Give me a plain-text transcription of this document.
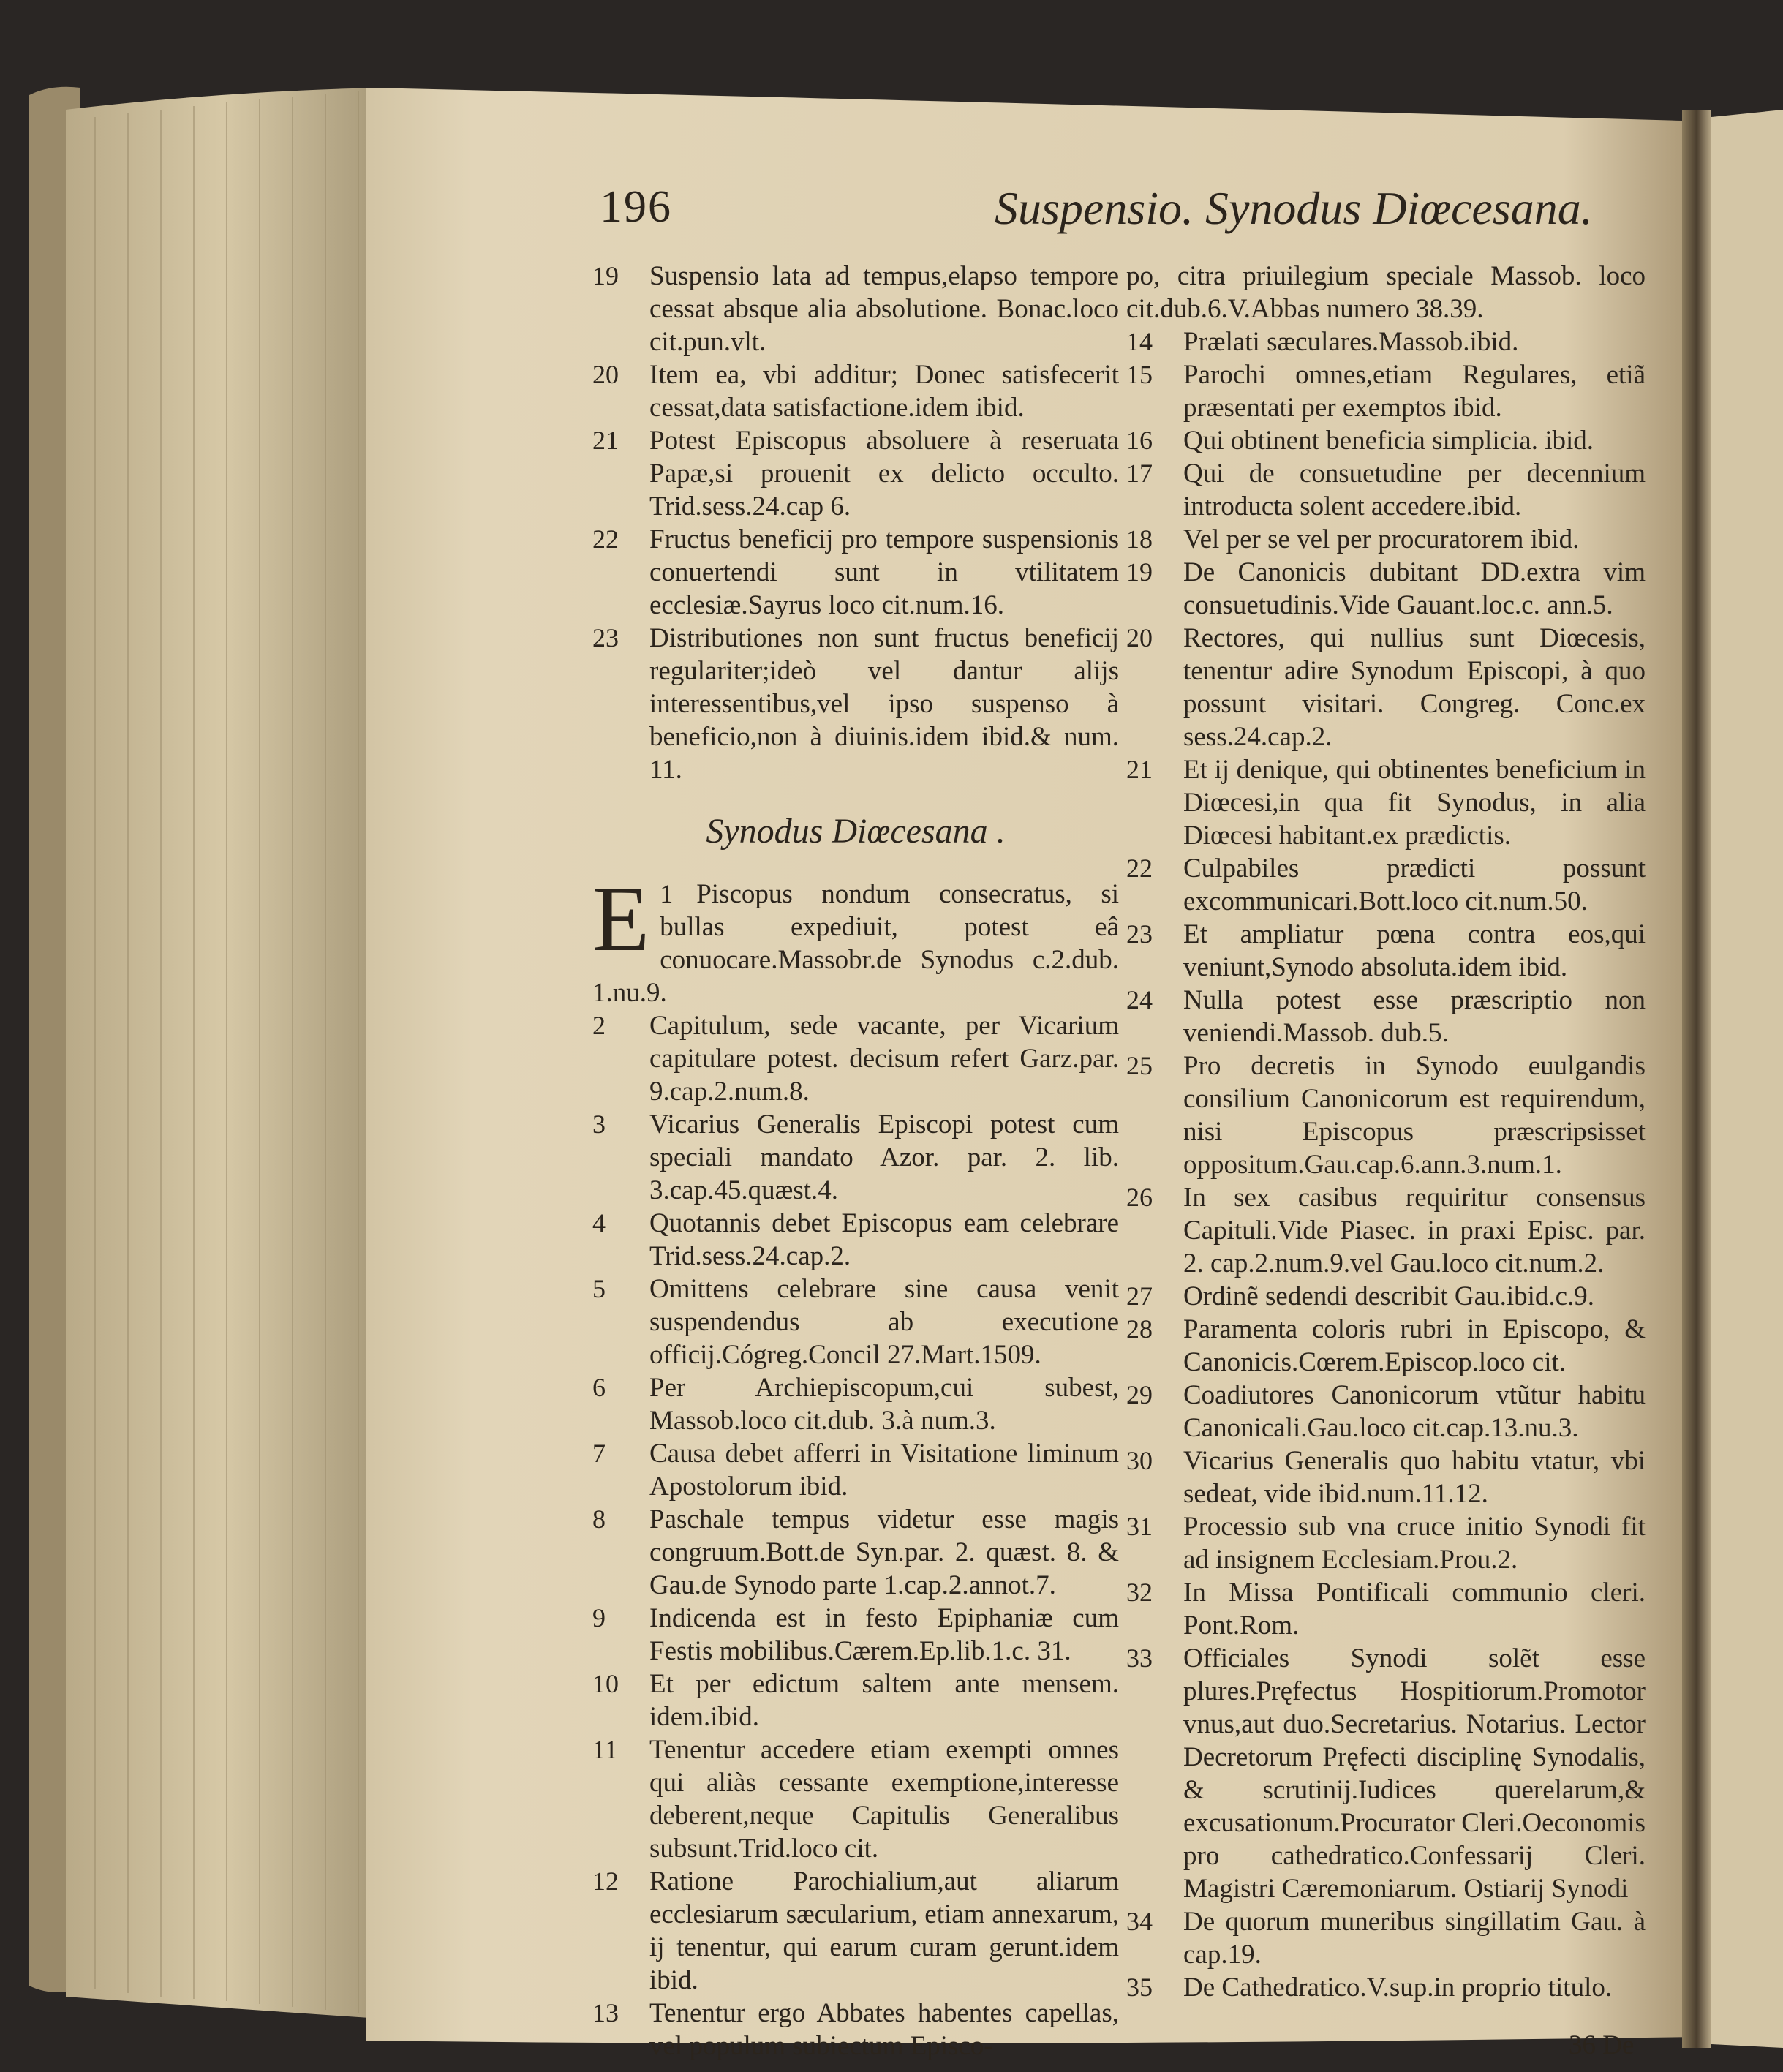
196	Suspensio. Synodus Diœcesana.

19 Suspensio lata ad tempus,elapso tempore cessat absque alia absolutione. Bonac.loco cit.pun.vlt.

20 Item ea, vbi additur; Donec satisfecerit cessat,data satisfactione.idem ibid.

21 Potest Episcopus absoluere à reseruata Papæ,si prouenit ex delicto occulto. Trid.sess.24.cap 6.

22 Fructus beneficij pro tempore suspensionis conuertendi sunt in vtilitatem ecclesiæ.Sayrus loco cit.num.16.

23 Distributiones non sunt fructus beneficij regulariter;ideò vel dantur alijs interessentibus,vel ipso suspenso à beneficio,non à diuinis.idem ibid.& num. 11.

Synodus Diœcesana .

1
E Piscopus nondum consecratus, si bullas expediuit, potest eâ conuocare.Massobr.de Synodus c.2.dub. 1.nu.9.

2 Capitulum, sede vacante, per Vicarium capitulare potest. decisum refert Garz.par. 9.cap.2.num.8.

3 Vicarius Generalis Episcopi potest cum speciali mandato Azor. par. 2. lib. 3.cap.45.quæst.4.

4 Quotannis debet Episcopus eam celebrare Trid.sess.24.cap.2.

5 Omittens celebrare sine causa venit suspendendus ab executione officij.Cógreg.Concil 27.Mart.1509.

6 Per Archiepiscopum,cui subest, Massob.loco cit.dub. 3.à num.3.

7 Causa debet afferri in Visitatione liminum Apostolorum ibid.

8 Paschale tempus videtur esse magis congruum.Bott.de Syn.par. 2. quæst. 8. & Gau.de Synodo parte 1.cap.2.annot.7.

9 Indicenda est in festo Epiphaniæ cum Festis mobilibus.Cærem.Ep.lib.1.c. 31.

10 Et per edictum saltem ante mensem. idem.ibid.

11 Tenentur accedere etiam exempti omnes qui aliàs cessante exemptione,interesse deberent,neque Capitulis Generalibus subsunt.Trid.loco cit.

12 Ratione Parochialium,aut aliarum ecclesiarum sæcularium, etiam annexarum, ij tenentur, qui earum curam gerunt.idem ibid.

13 Tenentur ergo Abbates habentes capellas, vel populum subiectum Episco-

po, citra priuilegium speciale Massob. loco cit.dub.6.V.Abbas numero 38.39.

14 Prælati sæculares.Massob.ibid.

15 Parochi omnes,etiam Regulares, etiã præsentati per exemptos ibid.

16 Qui obtinent beneficia simplicia. ibid.

17 Qui de consuetudine per decennium introducta solent accedere.ibid.

18 Vel per se vel per procuratorem ibid.

19 De Canonicis dubitant DD.extra vim consuetudinis.Vide Gauant.loc.c. ann.5.

20 Rectores, qui nullius sunt Diœcesis, tenentur adire Synodum Episcopi, à quo possunt visitari. Congreg. Conc.ex sess.24.cap.2.

21 Et ij denique, qui obtinentes beneficium in Diœcesi,in qua fit Synodus, in alia Diœcesi habitant.ex prædictis.

22 Culpabiles prædicti possunt excommunicari.Bott.loco cit.num.50.

23 Et ampliatur pœna contra eos,qui veniunt,Synodo absoluta.idem ibid.

24 Nulla potest esse præscriptio non veniendi.Massob. dub.5.

25 Pro decretis in Synodo euulgandis consilium Canonicorum est requirendum, nisi Episcopus præscripsisset oppositum.Gau.cap.6.ann.3.num.1.

26 In sex casibus requiritur consensus Capituli.Vide Piasec. in praxi Episc. par. 2. cap.2.num.9.vel Gau.loco cit.num.2.

27 Ordinẽ sedendi describit Gau.ibid.c.9.

28 Paramenta coloris rubri in Episcopo, & Canonicis.Cœrem.Episcop.loco cit.

29 Coadiutores Canonicorum vtũtur habitu Canonicali.Gau.loco cit.cap.13.nu.3.

30 Vicarius Generalis quo habitu vtatur, vbi sedeat, vide ibid.num.11.12.

31 Processio sub vna cruce initio Synodi fit ad insignem Ecclesiam.Prou.2.

32 In Missa Pontificali communio cleri. Pont.Rom.

33 Officiales Synodi solẽt esse plures.Pręfectus Hospitiorum.Promotor vnus,aut duo.Secretarius. Notarius. Lector Decretorum Pręfecti disciplinę Synodalis, & scrutinij.Iudices querelarum,& excusationum.Procurator Cleri.Oeconomis pro cathedratico.Confessarij Cleri. Magistri Cæremoniarum. Ostiarij Synodi

34 De quorum muneribus singillatim Gau. à cap.19.

35 De Cathedratico.V.sup.in proprio titulo.

36 De
